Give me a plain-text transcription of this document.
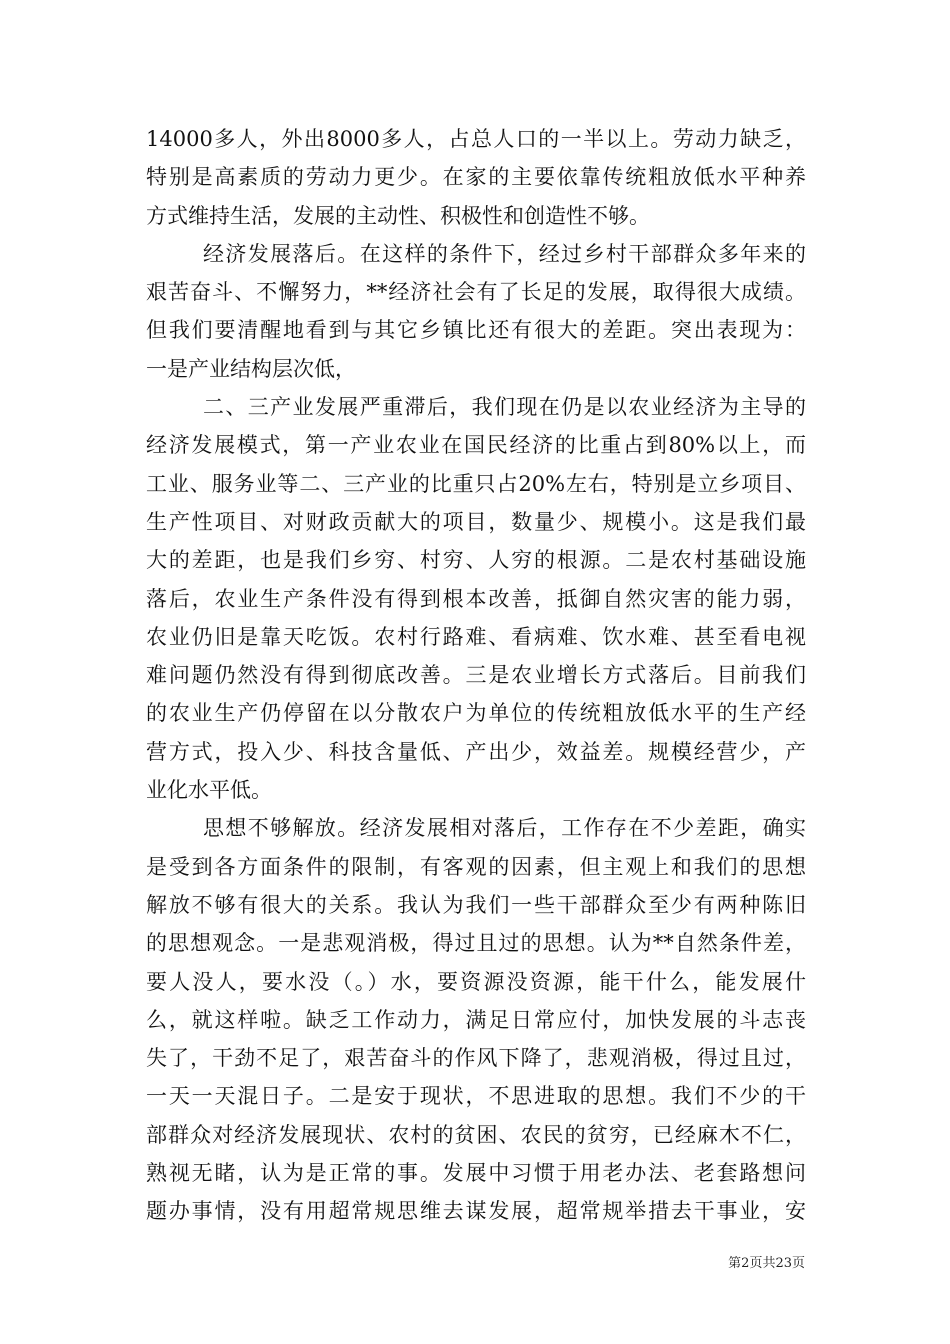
14000多人，外出8000多人，占总人口的一半以上。劳动力缺乏，
特别是高素质的劳动力更少。在家的主要依靠传统粗放低水平种养
方式维持生活，发展的主动性、积极性和创造性不够。
经济发展落后。在这样的条件下，经过乡村干部群众多年来的
艰苦奋斗、不懈努力，**经济社会有了长足的发展，取得很大成绩。
但我们要清醒地看到与其它乡镇比还有很大的差距。突出表现为：
一是产业结构层次低，
二、三产业发展严重滞后，我们现在仍是以农业经济为主导的
经济发展模式，第一产业农业在国民经济的比重占到80%以上，而
工业、服务业等二、三产业的比重只占20%左右，特别是立乡项目、
生产性项目、对财政贡献大的项目，数量少、规模小。这是我们最
大的差距，也是我们乡穷、村穷、人穷的根源。二是农村基础设施
落后，农业生产条件没有得到根本改善，抵御自然灾害的能力弱，
农业仍旧是靠天吃饭。农村行路难、看病难、饮水难、甚至看电视
难问题仍然没有得到彻底改善。三是农业增长方式落后。目前我们
的农业生产仍停留在以分散农户为单位的传统粗放低水平的生产经
营方式，投入少、科技含量低、产出少，效益差。规模经营少，产
业化水平低。
思想不够解放。经济发展相对落后，工作存在不少差距，确实
是受到各方面条件的限制，有客观的因素，但主观上和我们的思想
解放不够有很大的关系。我认为我们一些干部群众至少有两种陈旧
的思想观念。一是悲观消极，得过且过的思想。认为**自然条件差，
要人没人，要水没（。）水，要资源没资源，能干什么，能发展什
么，就这样啦。缺乏工作动力，满足日常应付，加快发展的斗志丧
失了，干劲不足了，艰苦奋斗的作风下降了，悲观消极，得过且过，
一天一天混日子。二是安于现状，不思进取的思想。我们不少的干
部群众对经济发展现状、农村的贫困、农民的贫穷，已经麻木不仁，
熟视无睹，认为是正常的事。发展中习惯于用老办法、老套路想问
题办事情，没有用超常规思维去谋发展，超常规举措去干事业，安
第2页共23页
